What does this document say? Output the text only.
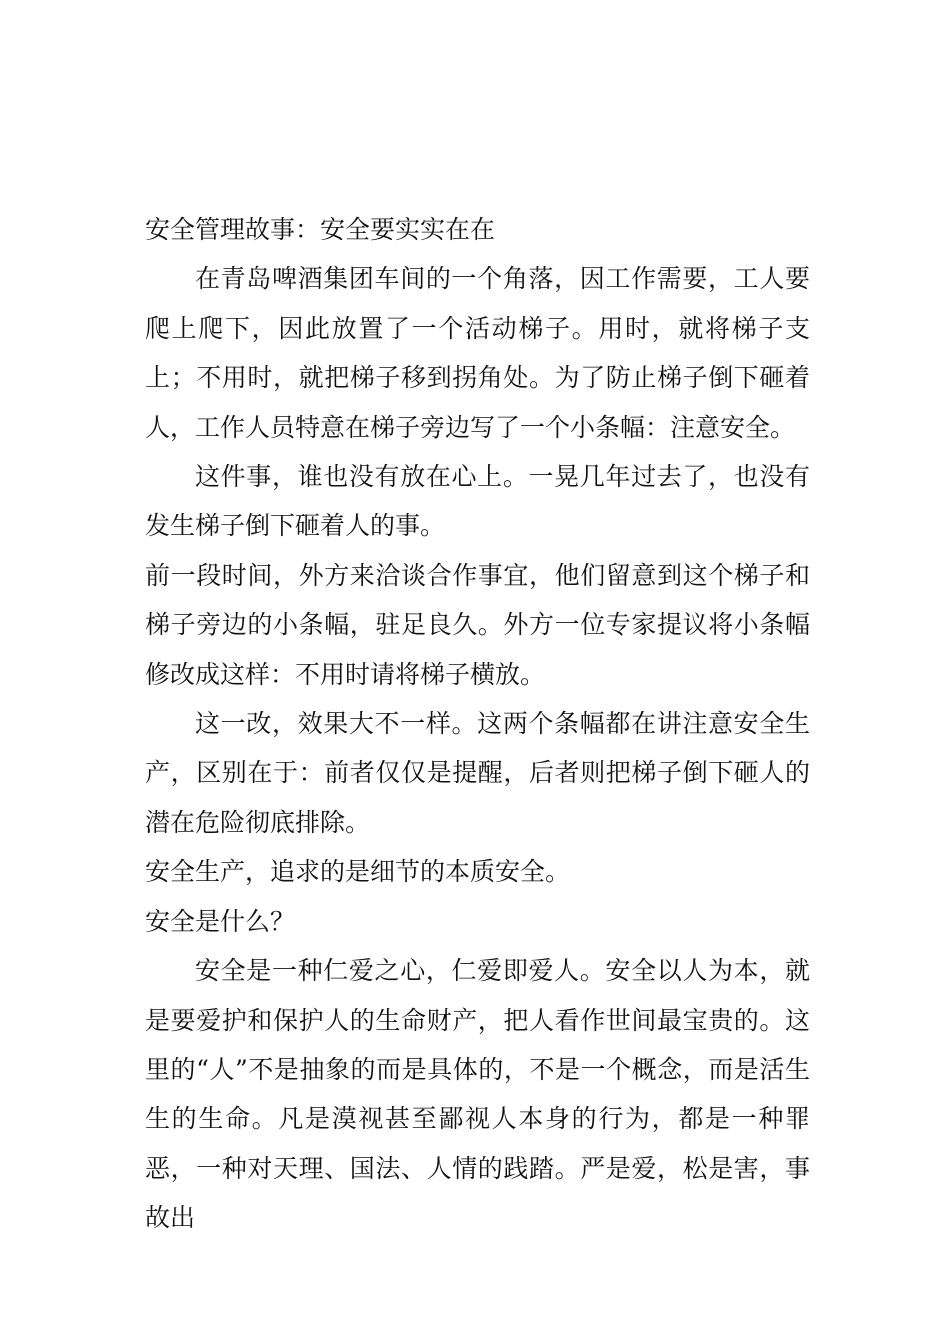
安全管理故事：安全要实实在在

在青岛啤酒集团车间的一个角落，因工作需要，工人要爬上爬下，因此放置了一个活动梯子。用时，就将梯子支上；不用时，就把梯子移到拐角处。为了防止梯子倒下砸着人，工作人员特意在梯子旁边写了一个小条幅：注意安全。

这件事，谁也没有放在心上。一晃几年过去了，也没有发生梯子倒下砸着人的事。

前一段时间，外方来洽谈合作事宜，他们留意到这个梯子和梯子旁边的小条幅，驻足良久。外方一位专家提议将小条幅修改成这样：不用时请将梯子横放。

这一改，效果大不一样。这两个条幅都在讲注意安全生产，区别在于：前者仅仅是提醒，后者则把梯子倒下砸人的潜在危险彻底排除。

安全生产，追求的是细节的本质安全。

安全是什么？

安全是一种仁爱之心，仁爱即爱人。安全以人为本，就是要爱护和保护人的生命财产，把人看作世间最宝贵的。这里的“人”不是抽象的而是具体的，不是一个概念，而是活生生的生命。凡是漠视甚至鄙视人本身的行为，都是一种罪恶，一种对天理、国法、人情的践踏。严是爱，松是害，事故出
